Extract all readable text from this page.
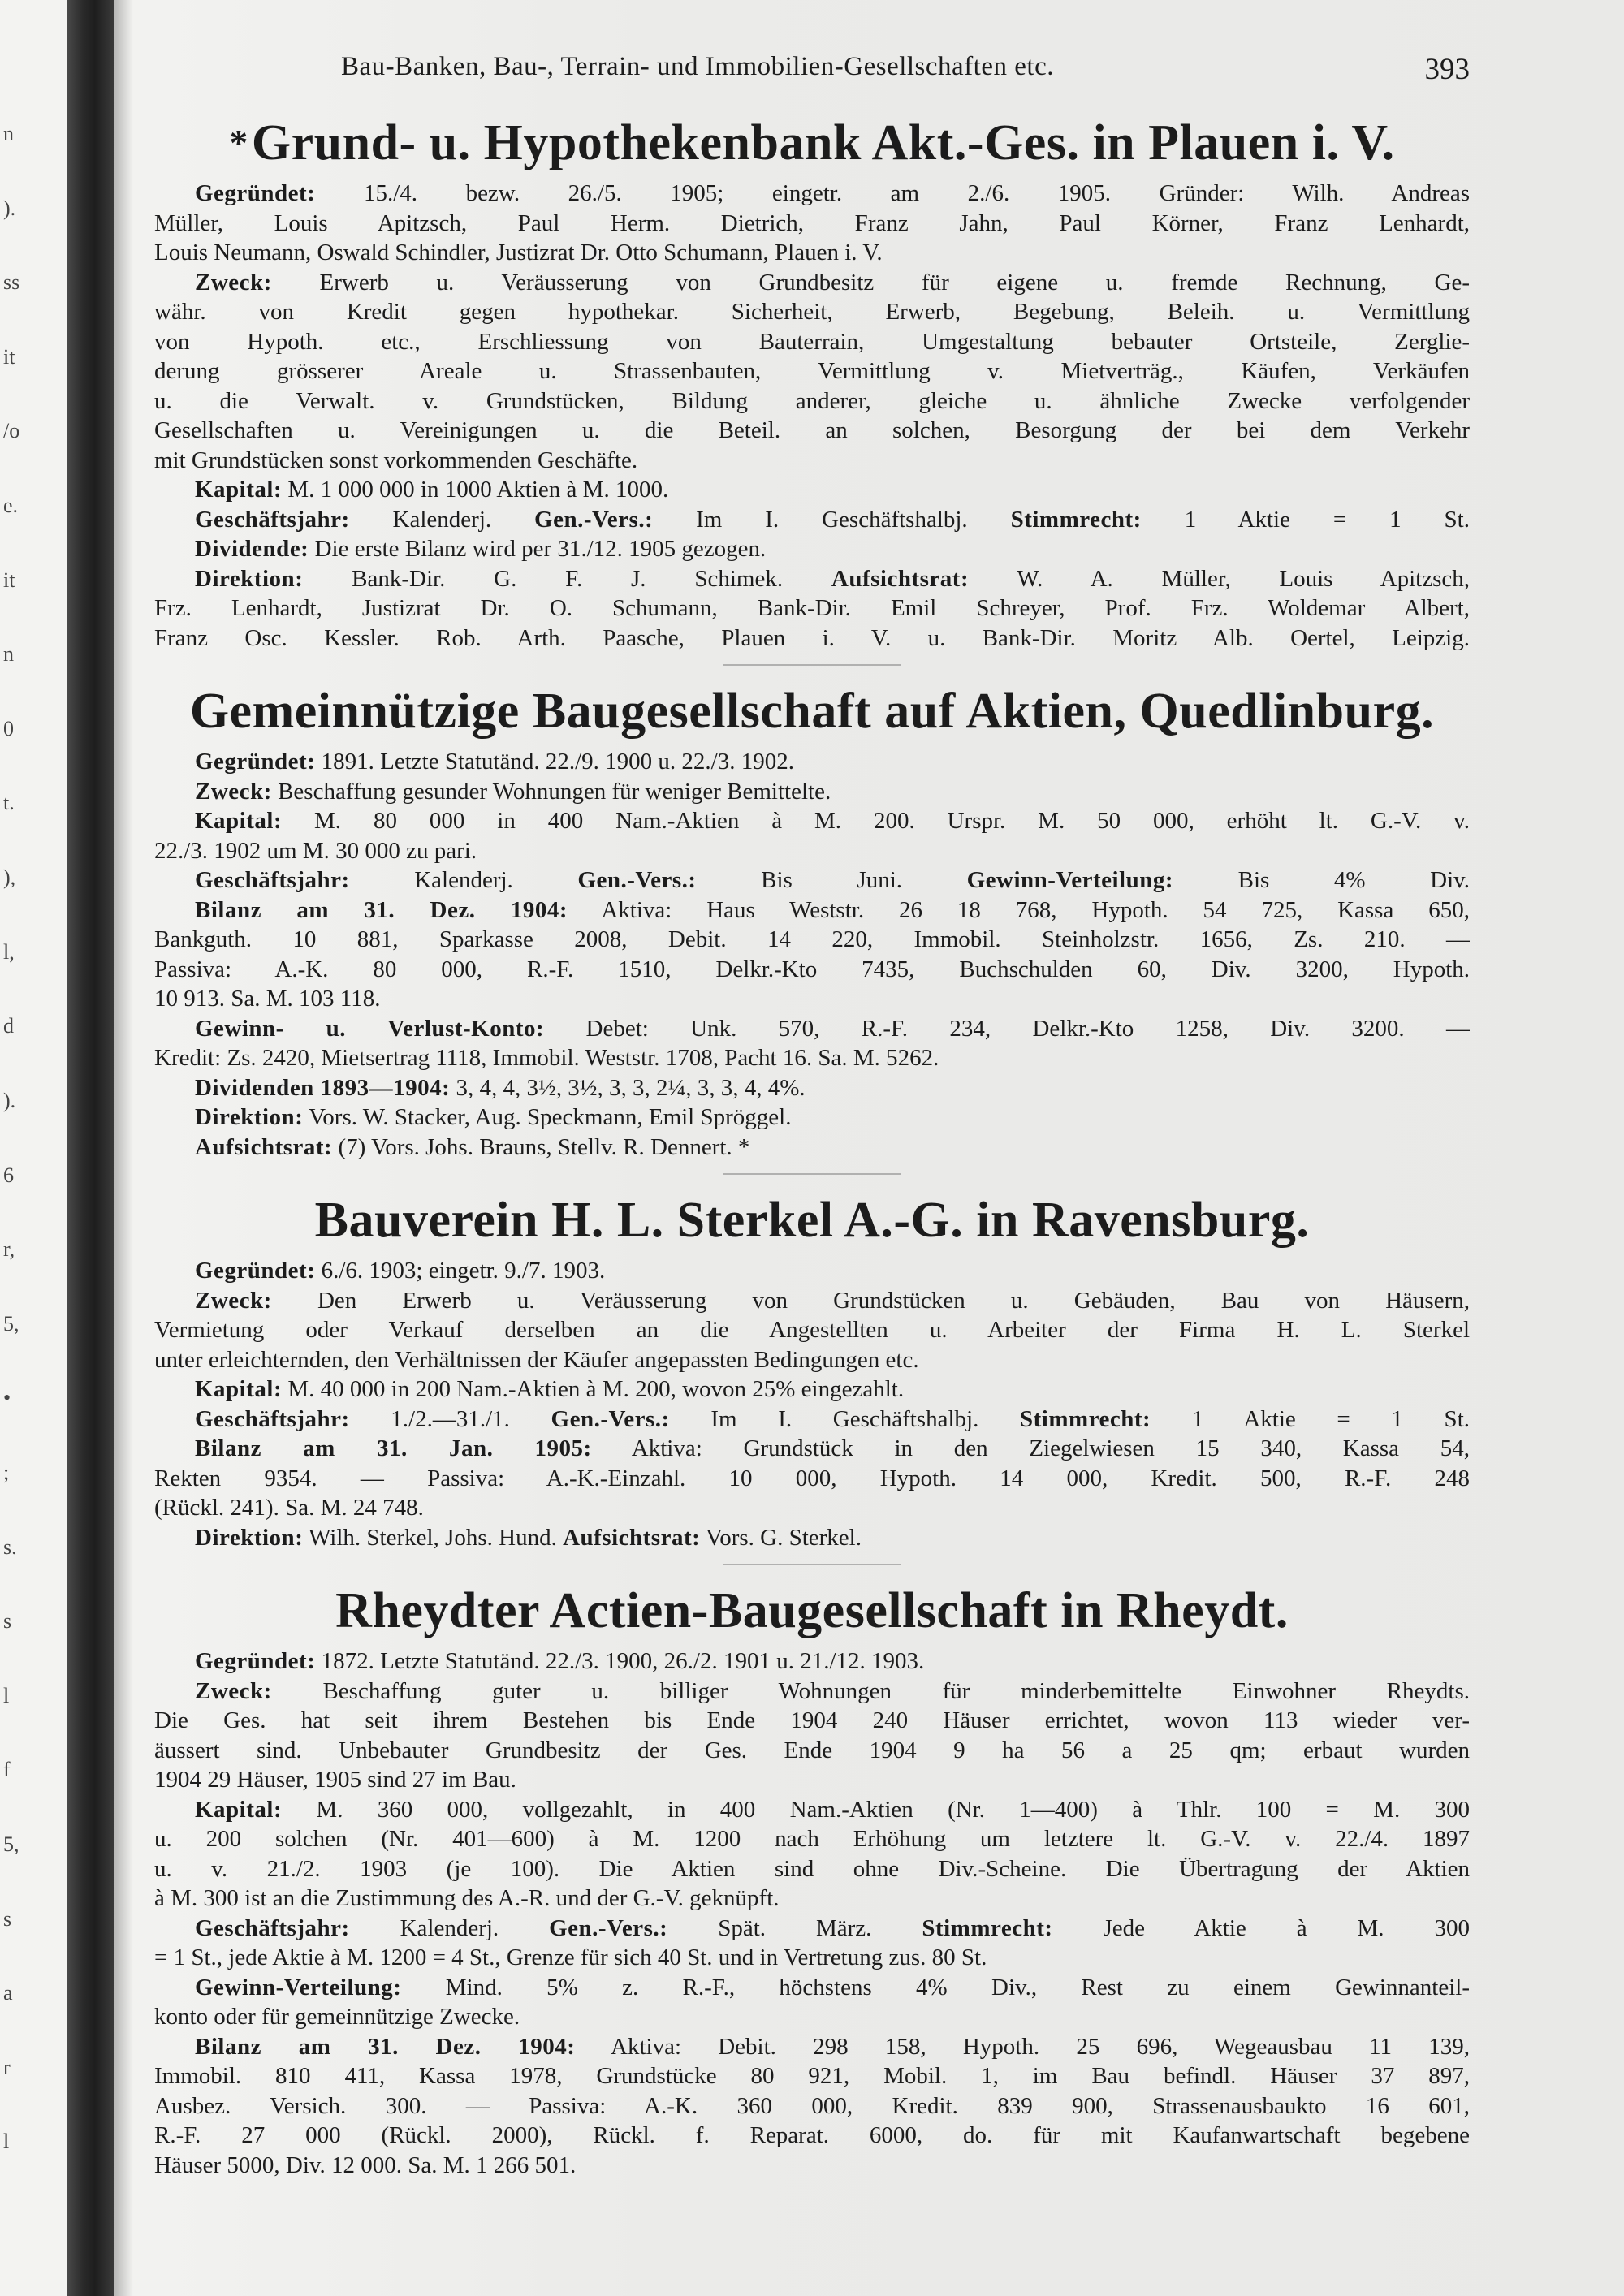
n
).
ss
it
/o
e.
it
n
0
t.
),
l,
d
).
6
r,
5,
•
;
s.
s
l
f
5,
s
a
r
l
Bau-Banken, Bau-, Terrain- und Immobilien-Gesellschaften etc.	393
*Grund- u. Hypothekenbank Akt.-Ges. in Plauen i. V.
Gegründet: 15./4. bezw. 26./5. 1905; eingetr. am 2./6. 1905. Gründer: Wilh. Andreas
Müller, Louis Apitzsch, Paul Herm. Dietrich, Franz Jahn, Paul Körner, Franz Lenhardt,
Louis Neumann, Oswald Schindler, Justizrat Dr. Otto Schumann, Plauen i. V.
Zweck: Erwerb u. Veräusserung von Grundbesitz für eigene u. fremde Rechnung, Ge-
währ. von Kredit gegen hypothekar. Sicherheit, Erwerb, Begebung, Beleih. u. Vermittlung
von Hypoth. etc., Erschliessung von Bauterrain, Umgestaltung bebauter Ortsteile, Zerglie-
derung grösserer Areale u. Strassenbauten, Vermittlung v. Mietverträg., Käufen, Verkäufen
u. die Verwalt. v. Grundstücken, Bildung anderer, gleiche u. ähnliche Zwecke verfolgender
Gesellschaften u. Vereinigungen u. die Beteil. an solchen, Besorgung der bei dem Verkehr
mit Grundstücken sonst vorkommenden Geschäfte.
Kapital: M. 1 000 000 in 1000 Aktien à M. 1000.
Geschäftsjahr: Kalenderj. Gen.-Vers.: Im I. Geschäftshalbj. Stimmrecht: 1 Aktie = 1 St.
Dividende: Die erste Bilanz wird per 31./12. 1905 gezogen.
Direktion: Bank-Dir. G. F. J. Schimek. Aufsichtsrat: W. A. Müller, Louis Apitzsch,
Frz. Lenhardt, Justizrat Dr. O. Schumann, Bank-Dir. Emil Schreyer, Prof. Frz. Woldemar Albert,
Franz Osc. Kessler. Rob. Arth. Paasche, Plauen i. V. u. Bank-Dir. Moritz Alb. Oertel, Leipzig.
Gemeinnützige Baugesellschaft auf Aktien, Quedlinburg.
Gegründet: 1891. Letzte Statutänd. 22./9. 1900 u. 22./3. 1902.
Zweck: Beschaffung gesunder Wohnungen für weniger Bemittelte.
Kapital: M. 80 000 in 400 Nam.-Aktien à M. 200. Urspr. M. 50 000, erhöht lt. G.-V. v.
22./3. 1902 um M. 30 000 zu pari.
Geschäftsjahr: Kalenderj. Gen.-Vers.: Bis Juni. Gewinn-Verteilung: Bis 4% Div.
Bilanz am 31. Dez. 1904: Aktiva: Haus Weststr. 26 18 768, Hypoth. 54 725, Kassa 650,
Bankguth. 10 881, Sparkasse 2008, Debit. 14 220, Immobil. Steinholzstr. 1656, Zs. 210. —
Passiva: A.-K. 80 000, R.-F. 1510, Delkr.-Kto 7435, Buchschulden 60, Div. 3200, Hypoth.
10 913. Sa. M. 103 118.
Gewinn- u. Verlust-Konto: Debet: Unk. 570, R.-F. 234, Delkr.-Kto 1258, Div. 3200. —
Kredit: Zs. 2420, Mietsertrag 1118, Immobil. Weststr. 1708, Pacht 16. Sa. M. 5262.
Dividenden 1893—1904: 3, 4, 4, 3½, 3½, 3, 3, 2¼, 3, 3, 4, 4%.
Direktion: Vors. W. Stacker, Aug. Speckmann, Emil Spröggel.
Aufsichtsrat: (7) Vors. Johs. Brauns, Stellv. R. Dennert. *
Bauverein H. L. Sterkel A.-G. in Ravensburg.
Gegründet: 6./6. 1903; eingetr. 9./7. 1903.
Zweck: Den Erwerb u. Veräusserung von Grundstücken u. Gebäuden, Bau von Häusern,
Vermietung oder Verkauf derselben an die Angestellten u. Arbeiter der Firma H. L. Sterkel
unter erleichternden, den Verhältnissen der Käufer angepassten Bedingungen etc.
Kapital: M. 40 000 in 200 Nam.-Aktien à M. 200, wovon 25% eingezahlt.
Geschäftsjahr: 1./2.—31./1. Gen.-Vers.: Im I. Geschäftshalbj. Stimmrecht: 1 Aktie = 1 St.
Bilanz am 31. Jan. 1905: Aktiva: Grundstück in den Ziegelwiesen 15 340, Kassa 54,
Rekten 9354. — Passiva: A.-K.-Einzahl. 10 000, Hypoth. 14 000, Kredit. 500, R.-F. 248
(Rückl. 241). Sa. M. 24 748.
Direktion: Wilh. Sterkel, Johs. Hund. Aufsichtsrat: Vors. G. Sterkel.
Rheydter Actien-Baugesellschaft in Rheydt.
Gegründet: 1872. Letzte Statutänd. 22./3. 1900, 26./2. 1901 u. 21./12. 1903.
Zweck: Beschaffung guter u. billiger Wohnungen für minderbemittelte Einwohner Rheydts.
Die Ges. hat seit ihrem Bestehen bis Ende 1904 240 Häuser errichtet, wovon 113 wieder ver-
äussert sind. Unbebauter Grundbesitz der Ges. Ende 1904 9 ha 56 a 25 qm; erbaut wurden
1904 29 Häuser, 1905 sind 27 im Bau.
Kapital: M. 360 000, vollgezahlt, in 400 Nam.-Aktien (Nr. 1—400) à Thlr. 100 = M. 300
u. 200 solchen (Nr. 401—600) à M. 1200 nach Erhöhung um letztere lt. G.-V. v. 22./4. 1897
u. v. 21./2. 1903 (je 100). Die Aktien sind ohne Div.-Scheine. Die Übertragung der Aktien
à M. 300 ist an die Zustimmung des A.-R. und der G.-V. geknüpft.
Geschäftsjahr: Kalenderj. Gen.-Vers.: Spät. März. Stimmrecht: Jede Aktie à M. 300
= 1 St., jede Aktie à M. 1200 = 4 St., Grenze für sich 40 St. und in Vertretung zus. 80 St.
Gewinn-Verteilung: Mind. 5% z. R.-F., höchstens 4% Div., Rest zu einem Gewinnanteil-
konto oder für gemeinnützige Zwecke.
Bilanz am 31. Dez. 1904: Aktiva: Debit. 298 158, Hypoth. 25 696, Wegeausbau 11 139,
Immobil. 810 411, Kassa 1978, Grundstücke 80 921, Mobil. 1, im Bau befindl. Häuser 37 897,
Ausbez. Versich. 300. — Passiva: A.-K. 360 000, Kredit. 839 900, Strassenausbaukto 16 601,
R.-F. 27 000 (Rückl. 2000), Rückl. f. Reparat. 6000, do. für mit Kaufanwartschaft begebene
Häuser 5000, Div. 12 000. Sa. M. 1 266 501.
